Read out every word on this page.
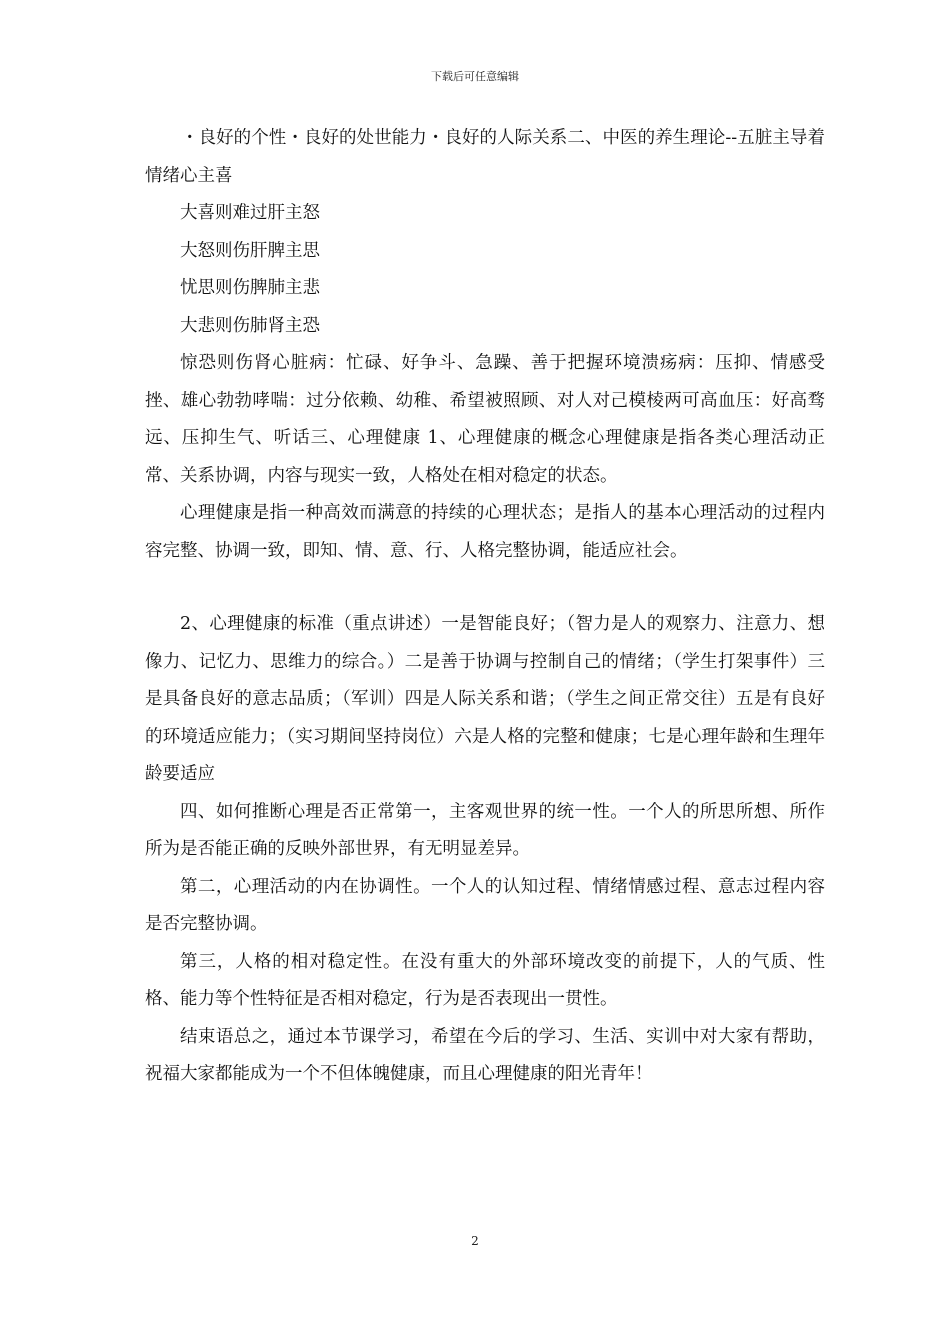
下载后可任意编辑

・良好的个性・良好的处世能力・良好的人际关系二、中医的养生理论--五脏主导着情绪心主喜

大喜则难过肝主怒

大怒则伤肝脾主思

忧思则伤脾肺主悲

大悲则伤肺肾主恐

惊恐则伤肾心脏病：忙碌、好争斗、急躁、善于把握环境溃疡病：压抑、情感受挫、雄心勃勃哮喘：过分依赖、幼稚、希望被照顾、对人对己模棱两可高血压：好高骛远、压抑生气、听话三、心理健康 1、心理健康的概念心理健康是指各类心理活动正常、关系协调，内容与现实一致，人格处在相对稳定的状态。

心理健康是指一种高效而满意的持续的心理状态；是指人的基本心理活动的过程内容完整、协调一致，即知、情、意、行、人格完整协调，能适应社会。

2、心理健康的标准（重点讲述）一是智能良好；（智力是人的观察力、注意力、想像力、记忆力、思维力的综合。）二是善于协调与控制自己的情绪；（学生打架事件）三是具备良好的意志品质；（军训）四是人际关系和谐；（学生之间正常交往）五是有良好的环境适应能力；（实习期间坚持岗位）六是人格的完整和健康；七是心理年龄和生理年龄要适应

四、如何推断心理是否正常第一，主客观世界的统一性。一个人的所思所想、所作所为是否能正确的反映外部世界，有无明显差异。

第二，心理活动的内在协调性。一个人的认知过程、情绪情感过程、意志过程内容是否完整协调。

第三，人格的相对稳定性。在没有重大的外部环境改变的前提下，人的气质、性格、能力等个性特征是否相对稳定，行为是否表现出一贯性。

结束语总之，通过本节课学习，希望在今后的学习、生活、实训中对大家有帮助，祝福大家都能成为一个不但体魄健康，而且心理健康的阳光青年！

2
